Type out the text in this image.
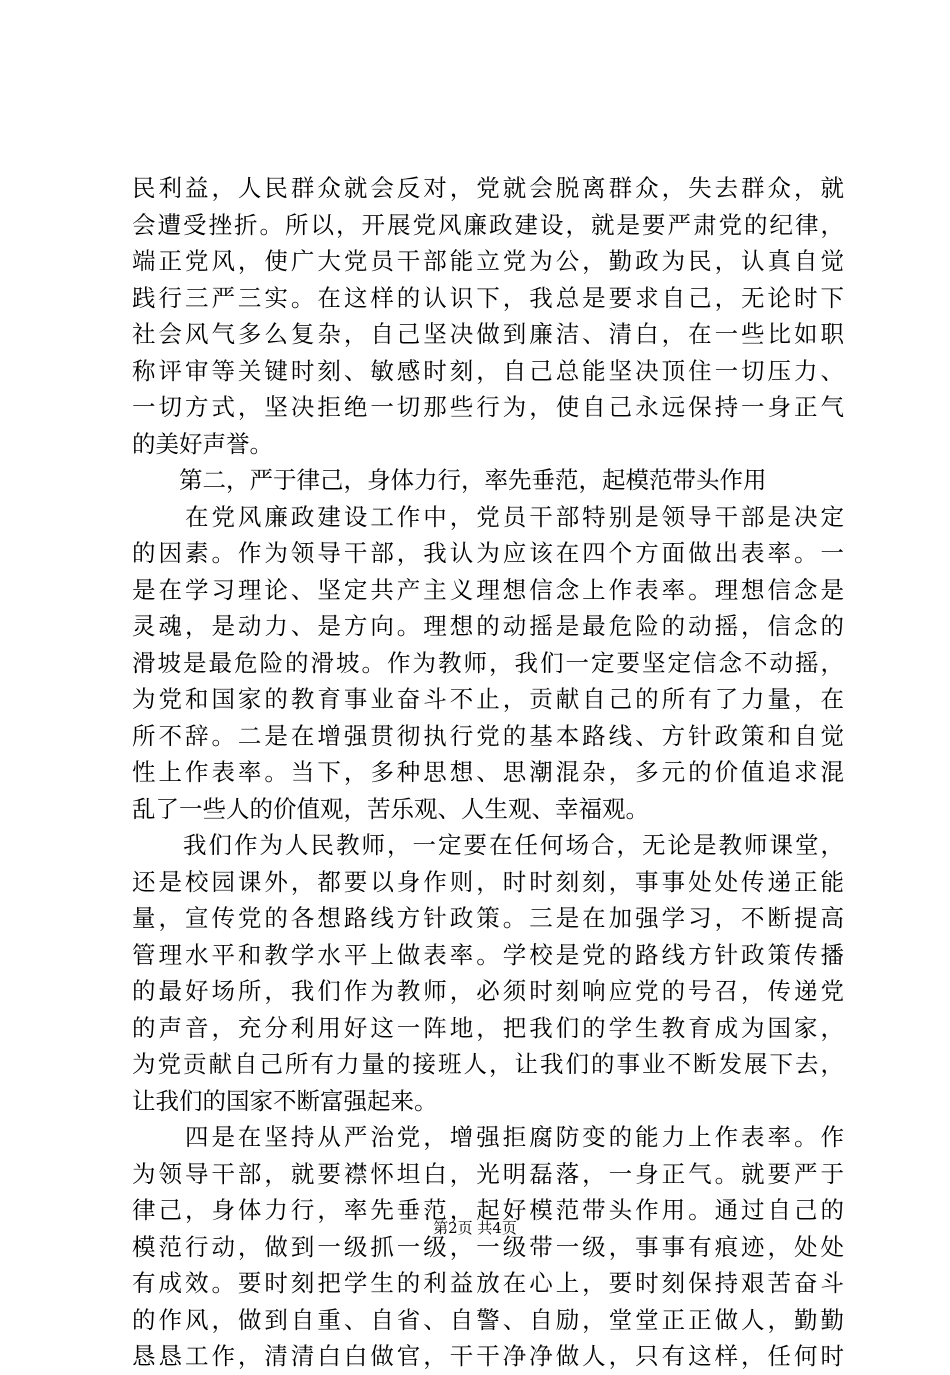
民利益，人民群众就会反对，党就会脱离群众，失去群众，就
会遭受挫折。所以，开展党风廉政建设，就是要严肃党的纪律，
端正党风，使广大党员干部能立党为公，勤政为民，认真自觉
践行三严三实。在这样的认识下，我总是要求自己，无论时下
社会风气多么复杂，自己坚决做到廉洁、清白，在一些比如职
称评审等关键时刻、敏感时刻，自己总能坚决顶住一切压力、
一切方式，坚决拒绝一切那些行为，使自己永远保持一身正气
的美好声誉。
　　第二，严于律己，身体力行，率先垂范，起模范带头作用
　　在党风廉政建设工作中，党员干部特别是领导干部是决定
的因素。作为领导干部，我认为应该在四个方面做出表率。一
是在学习理论、坚定共产主义理想信念上作表率。理想信念是
灵魂，是动力、是方向。理想的动摇是最危险的动摇，信念的
滑坡是最危险的滑坡。作为教师，我们一定要坚定信念不动摇，
为党和国家的教育事业奋斗不止，贡献自己的所有了力量，在
所不辞。二是在增强贯彻执行党的基本路线、方针政策和自觉
性上作表率。当下，多种思想、思潮混杂，多元的价值追求混
乱了一些人的价值观，苦乐观、人生观、幸福观。
　　我们作为人民教师，一定要在任何场合，无论是教师课堂，
还是校园课外，都要以身作则，时时刻刻，事事处处传递正能
量，宣传党的各想路线方针政策。三是在加强学习，不断提高
管理水平和教学水平上做表率。学校是党的路线方针政策传播
的最好场所，我们作为教师，必须时刻响应党的号召，传递党
的声音，充分利用好这一阵地，把我们的学生教育成为国家，
为党贡献自己所有力量的接班人，让我们的事业不断发展下去，
让我们的国家不断富强起来。
　　四是在坚持从严治党，增强拒腐防变的能力上作表率。作
为领导干部，就要襟怀坦白，光明磊落，一身正气。就要严于
律己，身体力行，率先垂范，起好模范带头作用。通过自己的
模范行动，做到一级抓一级，一级带一级，事事有痕迹，处处
有成效。要时刻把学生的利益放在心上，要时刻保持艰苦奋斗
的作风，做到自重、自省、自警、自励，堂堂正正做人，勤勤
恳恳工作，清清白白做官，干干净净做人，只有这样，任何时
第2页 共4页
